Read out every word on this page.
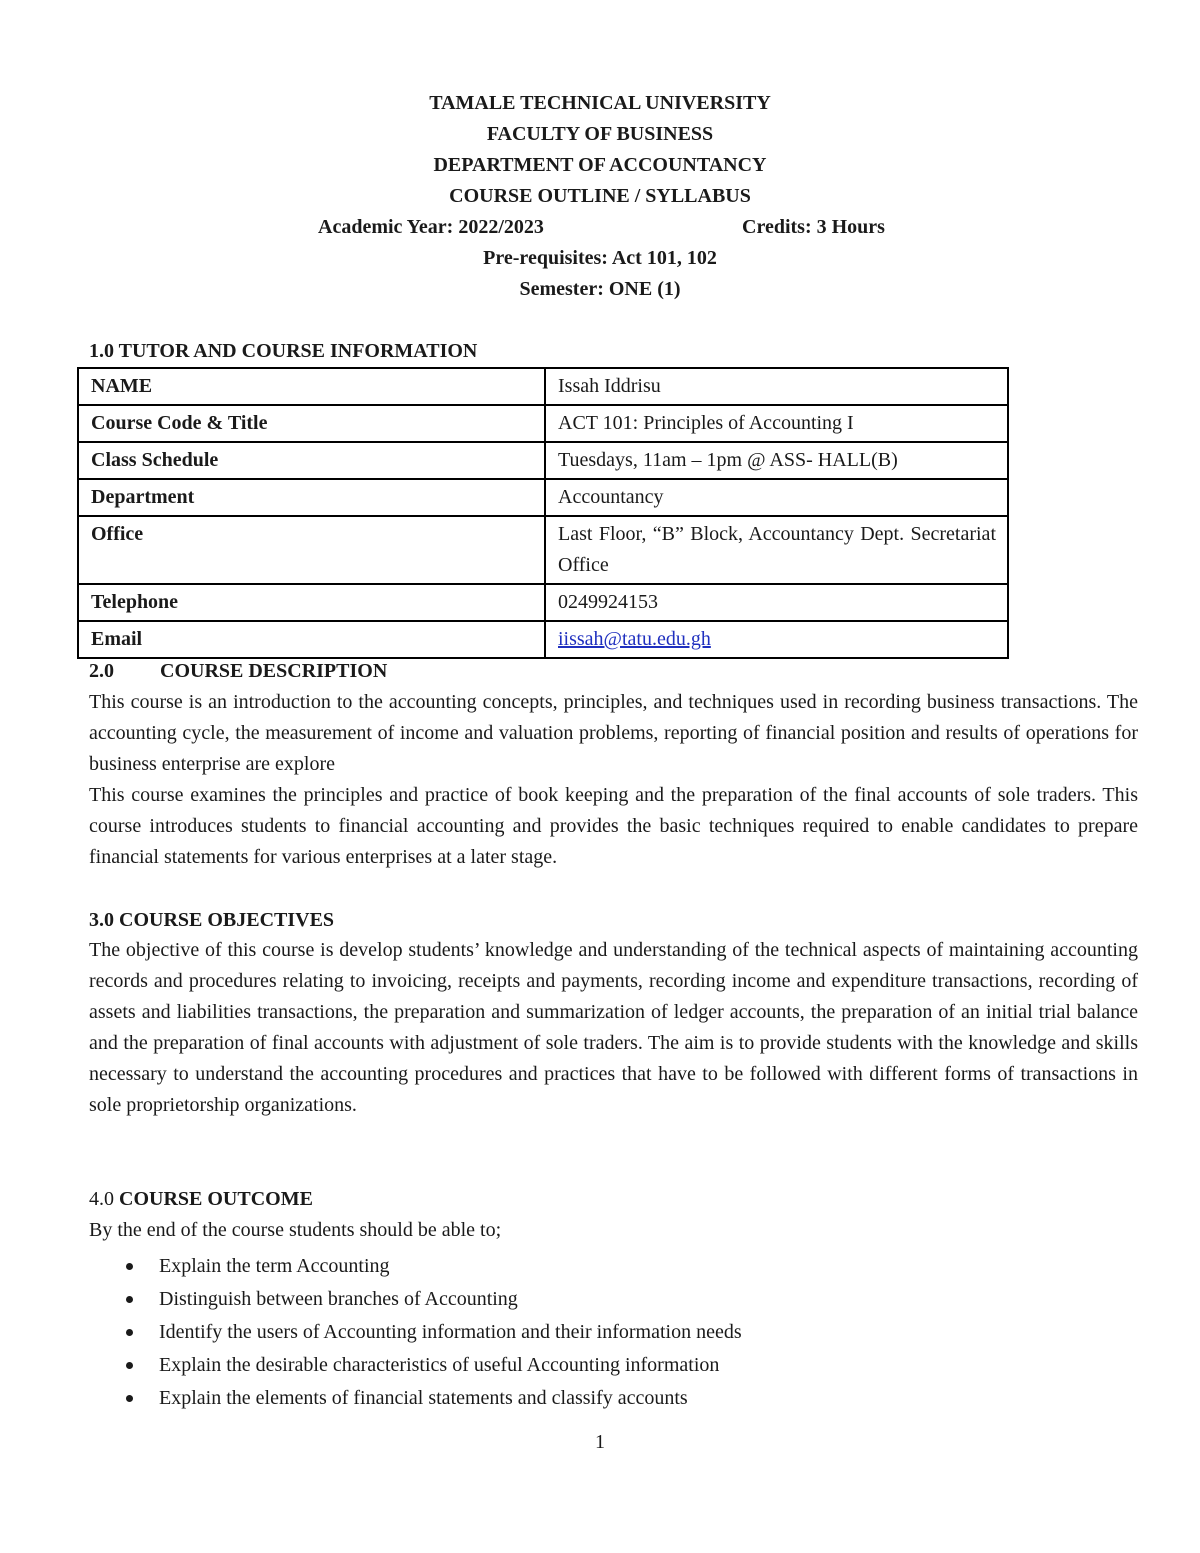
TAMALE TECHNICAL UNIVERSITY
FACULTY OF BUSINESS
DEPARTMENT OF ACCOUNTANCY
COURSE OUTLINE / SYLLABUS
Academic Year: 2022/2023	Credits: 3 Hours
Pre-requisites: Act 101, 102
Semester: ONE (1)
1.0 TUTOR AND COURSE INFORMATION
NAME	Issah Iddrisu
Course Code & Title	ACT 101: Principles of Accounting I
Class Schedule	Tuesdays, 11am – 1pm @ ASS- HALL(B)
Department	Accountancy
Office	Last Floor, “B” Block, Accountancy Dept. Secretariat Office
Telephone	0249924153
Email	iissah@tatu.edu.gh
2.0 COURSE DESCRIPTION

This course is an introduction to the accounting concepts, principles, and techniques used in recording business transactions. The accounting cycle, the measurement of income and valuation problems, reporting of financial position and results of operations for business enterprise are explore

This course examines the principles and practice of book keeping and the preparation of the final accounts of sole traders. This course introduces students to financial accounting and provides the basic techniques required to enable candidates to prepare financial statements for various enterprises at a later stage.

3.0 COURSE OBJECTIVES

The objective of this course is develop students’ knowledge and understanding of the technical aspects of maintaining accounting records and procedures relating to invoicing, receipts and payments, recording income and expenditure transactions, recording of assets and liabilities transactions, the preparation and summarization of ledger accounts, the preparation of an initial trial balance and the preparation of final accounts with adjustment of sole traders. The aim is to provide students with the knowledge and skills necessary to understand the accounting procedures and practices that have to be followed with different forms of transactions in sole proprietorship organizations.

4.0 COURSE OUTCOME

By the end of the course students should be able to;

Explain the term Accounting
Distinguish between branches of Accounting
Identify the users of Accounting information and their information needs
Explain the desirable characteristics of useful Accounting information
Explain the elements of financial statements and classify accounts
1
